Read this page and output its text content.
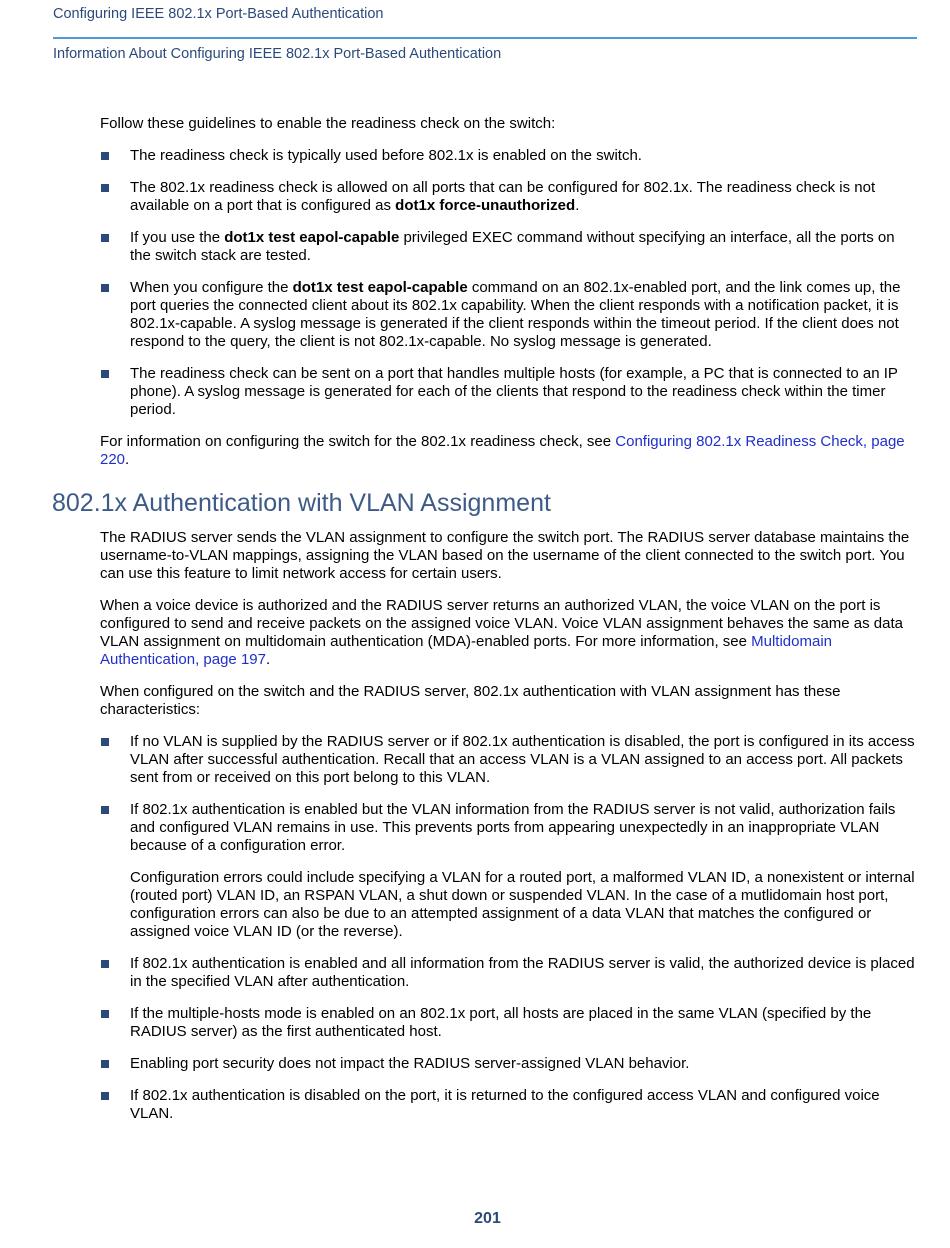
Configuring IEEE 802.1x Port-Based Authentication
Information About Configuring IEEE 802.1x Port-Based Authentication

Follow these guidelines to enable the readiness check on the switch:

The readiness check is typically used before 802.1x is enabled on the switch.
The 802.1x readiness check is allowed on all ports that can be configured for 802.1x. The readiness check is not available on a port that is configured as dot1x force-unauthorized.
If you use the dot1x test eapol-capable privileged EXEC command without specifying an interface, all the ports on the switch stack are tested.
When you configure the dot1x test eapol-capable command on an 802.1x-enabled port, and the link comes up, the port queries the connected client about its 802.1x capability. When the client responds with a notification packet, it is 802.1x-capable. A syslog message is generated if the client responds within the timeout period. If the client does not respond to the query, the client is not 802.1x-capable. No syslog message is generated.
The readiness check can be sent on a port that handles multiple hosts (for example, a PC that is connected to an IP phone). A syslog message is generated for each of the clients that respond to the readiness check within the timer period.

For information on configuring the switch for the 802.1x readiness check, see Configuring 802.1x Readiness Check, page 220.

802.1x Authentication with VLAN Assignment

The RADIUS server sends the VLAN assignment to configure the switch port. The RADIUS server database maintains the username-to-VLAN mappings, assigning the VLAN based on the username of the client connected to the switch port. You can use this feature to limit network access for certain users.

When a voice device is authorized and the RADIUS server returns an authorized VLAN, the voice VLAN on the port is configured to send and receive packets on the assigned voice VLAN. Voice VLAN assignment behaves the same as data VLAN assignment on multidomain authentication (MDA)-enabled ports. For more information, see Multidomain Authentication, page 197.

When configured on the switch and the RADIUS server, 802.1x authentication with VLAN assignment has these characteristics:

If no VLAN is supplied by the RADIUS server or if 802.1x authentication is disabled, the port is configured in its access VLAN after successful authentication. Recall that an access VLAN is a VLAN assigned to an access port. All packets sent from or received on this port belong to this VLAN.

If 802.1x authentication is enabled but the VLAN information from the RADIUS server is not valid, authorization fails and configured VLAN remains in use. This prevents ports from appearing unexpectedly in an inappropriate VLAN because of a configuration error.

Configuration errors could include specifying a VLAN for a routed port, a malformed VLAN ID, a nonexistent or internal (routed port) VLAN ID, an RSPAN VLAN, a shut down or suspended VLAN. In the case of a mutlidomain host port, configuration errors can also be due to an attempted assignment of a data VLAN that matches the configured or assigned voice VLAN ID (or the reverse).

If 802.1x authentication is enabled and all information from the RADIUS server is valid, the authorized device is placed in the specified VLAN after authentication.
If the multiple-hosts mode is enabled on an 802.1x port, all hosts are placed in the same VLAN (specified by the RADIUS server) as the first authenticated host.
Enabling port security does not impact the RADIUS server-assigned VLAN behavior.
If 802.1x authentication is disabled on the port, it is returned to the configured access VLAN and configured voice VLAN.
201
